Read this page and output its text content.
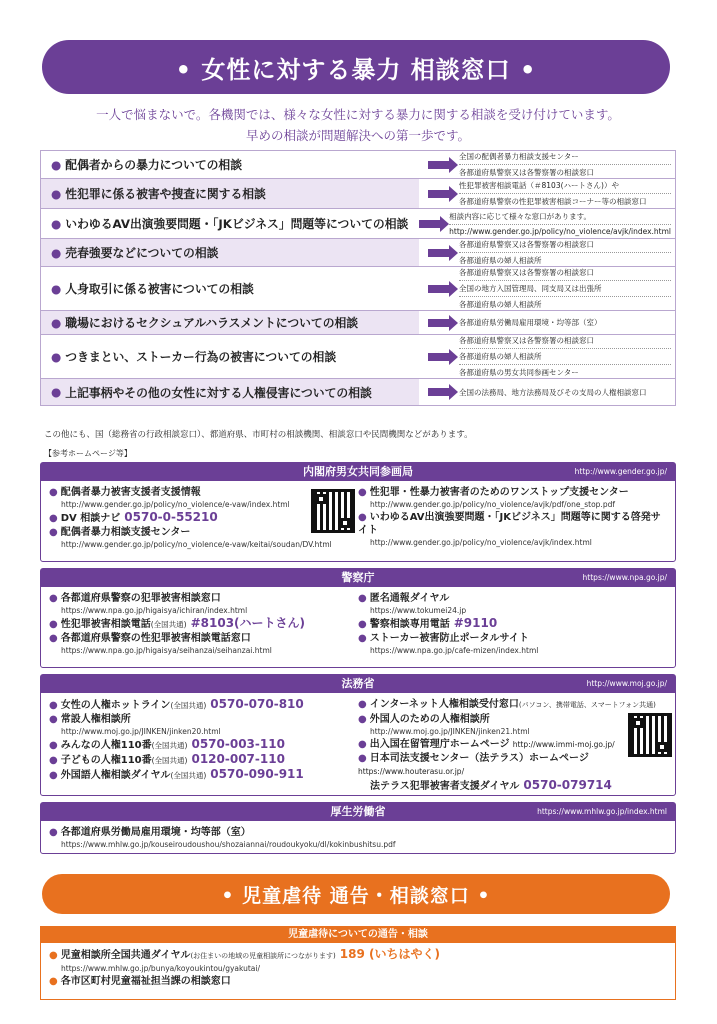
• 女性に対する暴力 相談窓口 •
一人で悩まないで。各機関では、様々な女性に対する暴力に関する相談を受け付けています。
早めの相談が問題解決への第一歩です。
● 配偶者からの暴力についての相談
全国の配偶者暴力相談支援センター
各都道府県警察又は各警察署の相談窓口
● 性犯罪に係る被害や捜査に関する相談
性犯罪被害相談電話（＃8103(ハートさん)）や
各都道府県警察の性犯罪被害相談コーナー等の相談窓口
● いわゆるAV出演強要問題・「JKビジネス」問題等についての相談
相談内容に応じて様々な窓口があります。
http://www.gender.go.jp/policy/no_violence/avjk/index.html
● 売春強要などについての相談
各都道府県警察又は各警察署の相談窓口
各都道府県の婦人相談所
● 人身取引に係る被害についての相談
各都道府県警察又は各警察署の相談窓口
全国の地方入国管理局、同支局又は出張所
各都道府県の婦人相談所
● 職場におけるセクシュアルハラスメントについての相談	各都道府県労働局雇用環境・均等部（室）
● つきまとい、ストーカー行為の被害についての相談
各都道府県警察又は各警察署の相談窓口
各都道府県の婦人相談所
各都道府県の男女共同参画センター
● 上記事柄やその他の女性に対する人権侵害についての相談	全国の法務局、地方法務局及びその支局の人権相談窓口
この他にも、国（総務省の行政相談窓口）、都道府県、市町村の相談機関、相談窓口や民間機関などがあります。
【参考ホームページ等】
内閣府男女共同参画局	http://www.gender.go.jp/
● 配偶者暴力被害支援者支援情報
http://www.gender.go.jp/policy/no_violence/e-vaw/index.html
● DV 相談ナビ 0570-0-55210
● 配偶者暴力相談支援センター
http://www.gender.go.jp/policy/no_violence/e-vaw/keitai/soudan/DV.html
● 性犯罪・性暴力被害者のためのワンストップ支援センター
http://www.gender.go.jp/policy/no_violence/avjk/pdf/one_stop.pdf
● いわゆるAV出演強要問題・「JKビジネス」問題等に関する啓発サイト
http://www.gender.go.jp/policy/no_violence/avjk/index.html
警察庁	https://www.npa.go.jp/
● 各都道府県警察の犯罪被害相談窓口
https://www.npa.go.jp/higaisya/ichiran/index.html
● 性犯罪被害相談電話(全国共通) #8103(ハートさん)
● 各都道府県警察の性犯罪被害相談電話窓口
https://www.npa.go.jp/higaisya/seihanzai/seihanzai.html
● 匿名通報ダイヤル
https://www.tokumei24.jp
● 警察相談専用電話 #9110
● ストーカー被害防止ポータルサイト
https://www.npa.go.jp/cafe-mizen/index.html
法務省	http://www.moj.go.jp/
● 女性の人権ホットライン(全国共通) 0570-070-810
● 常設人権相談所
http://www.moj.go.jp/JINKEN/jinken20.html
● みんなの人権110番(全国共通) 0570-003-110
● 子どもの人権110番(全国共通) 0120-007-110
● 外国語人権相談ダイヤル(全国共通) 0570-090-911
● インターネット人権相談受付窓口(パソコン、携帯電話、スマートフォン共通)
● 外国人のための人権相談所
http://www.moj.go.jp/JINKEN/jinken21.html
● 出入国在留管理庁ホームページ http://www.immi-moj.go.jp/
● 日本司法支援センター（法テラス）ホームページ https://www.houterasu.or.jp/
法テラス犯罪被害者支援ダイヤル 0570-079714
厚生労働省	https://www.mhlw.go.jp/index.html
● 各都道府県労働局雇用環境・均等部（室）
https://www.mhlw.go.jp/kouseiroudoushou/shozaiannai/roudoukyoku/dl/kokinbushitsu.pdf
• 児童虐待 通告・相談窓口 •
児童虐待についての通告・相談
● 児童相談所全国共通ダイヤル(お住まいの地域の児童相談所につながります) 189 (いちはやく)
https://www.mhlw.go.jp/bunya/koyoukintou/gyakutai/
● 各市区町村児童福祉担当課の相談窓口
